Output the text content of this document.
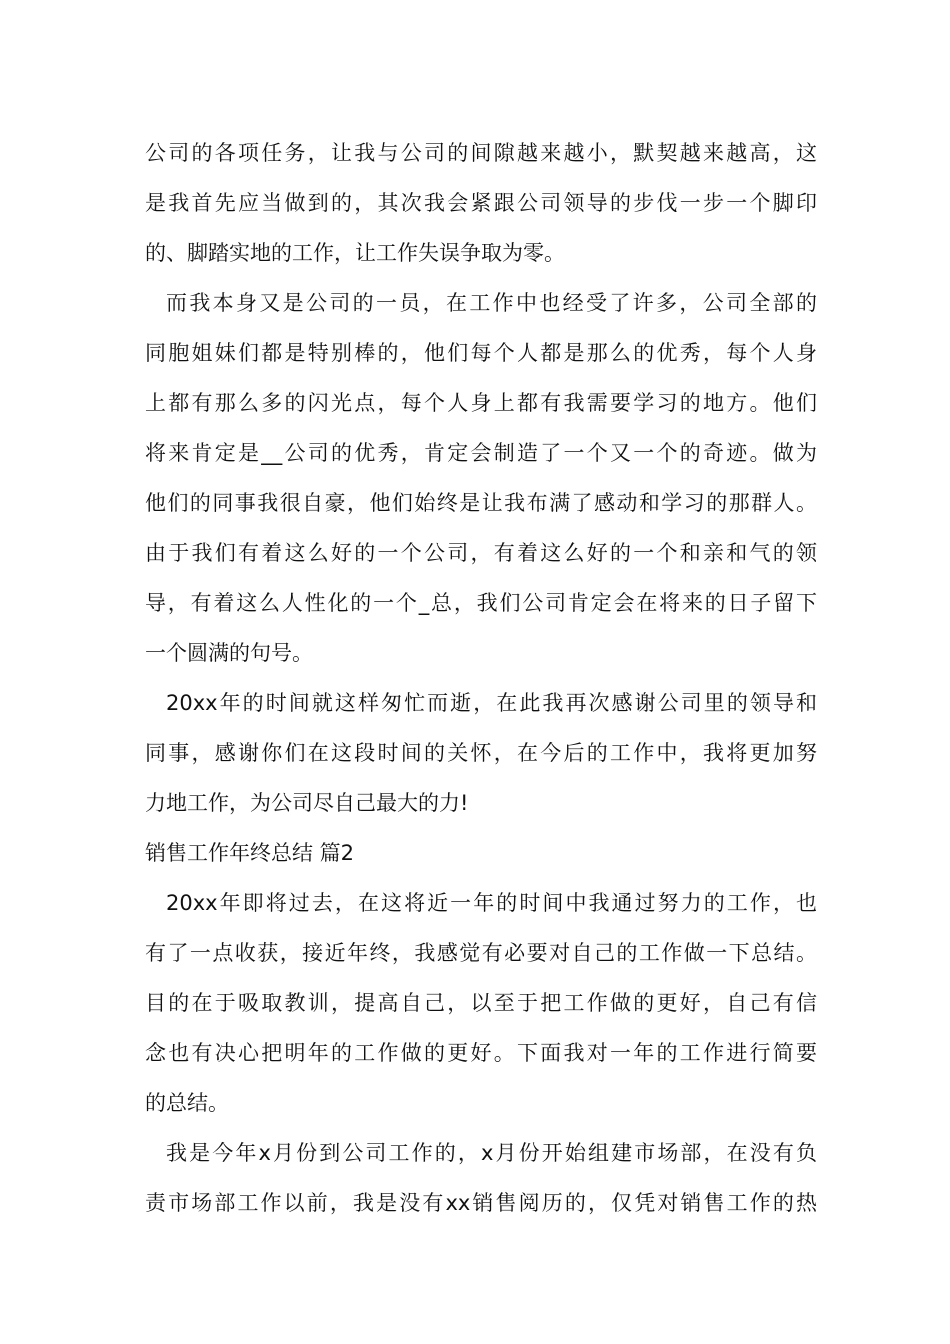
公司的各项任务，让我与公司的间隙越来越小，默契越来越高，这
是我首先应当做到的，其次我会紧跟公司领导的步伐一步一个脚印
的、脚踏实地的工作，让工作失误争取为零。
而我本身又是公司的一员，在工作中也经受了许多，公司全部的
同胞姐妹们都是特别棒的，他们每个人都是那么的优秀，每个人身
上都有那么多的闪光点，每个人身上都有我需要学习的地方。他们
将来肯定是__公司的优秀，肯定会制造了一个又一个的奇迹。做为
他们的同事我很自豪，他们始终是让我布满了感动和学习的那群人。
由于我们有着这么好的一个公司，有着这么好的一个和亲和气的领
导，有着这么人性化的一个_总，我们公司肯定会在将来的日子留下
一个圆满的句号。
20xx年的时间就这样匆忙而逝，在此我再次感谢公司里的领导和
同事，感谢你们在这段时间的关怀，在今后的工作中，我将更加努
力地工作，为公司尽自己最大的力!
销售工作年终总结 篇2
20xx年即将过去，在这将近一年的时间中我通过努力的工作，也
有了一点收获，接近年终，我感觉有必要对自己的工作做一下总结。
目的在于吸取教训，提高自己，以至于把工作做的更好，自己有信
念也有决心把明年的工作做的更好。下面我对一年的工作进行简要
的总结。
我是今年x月份到公司工作的，x月份开始组建市场部，在没有负
责市场部工作以前，我是没有xx销售阅历的，仅凭对销售工作的热
